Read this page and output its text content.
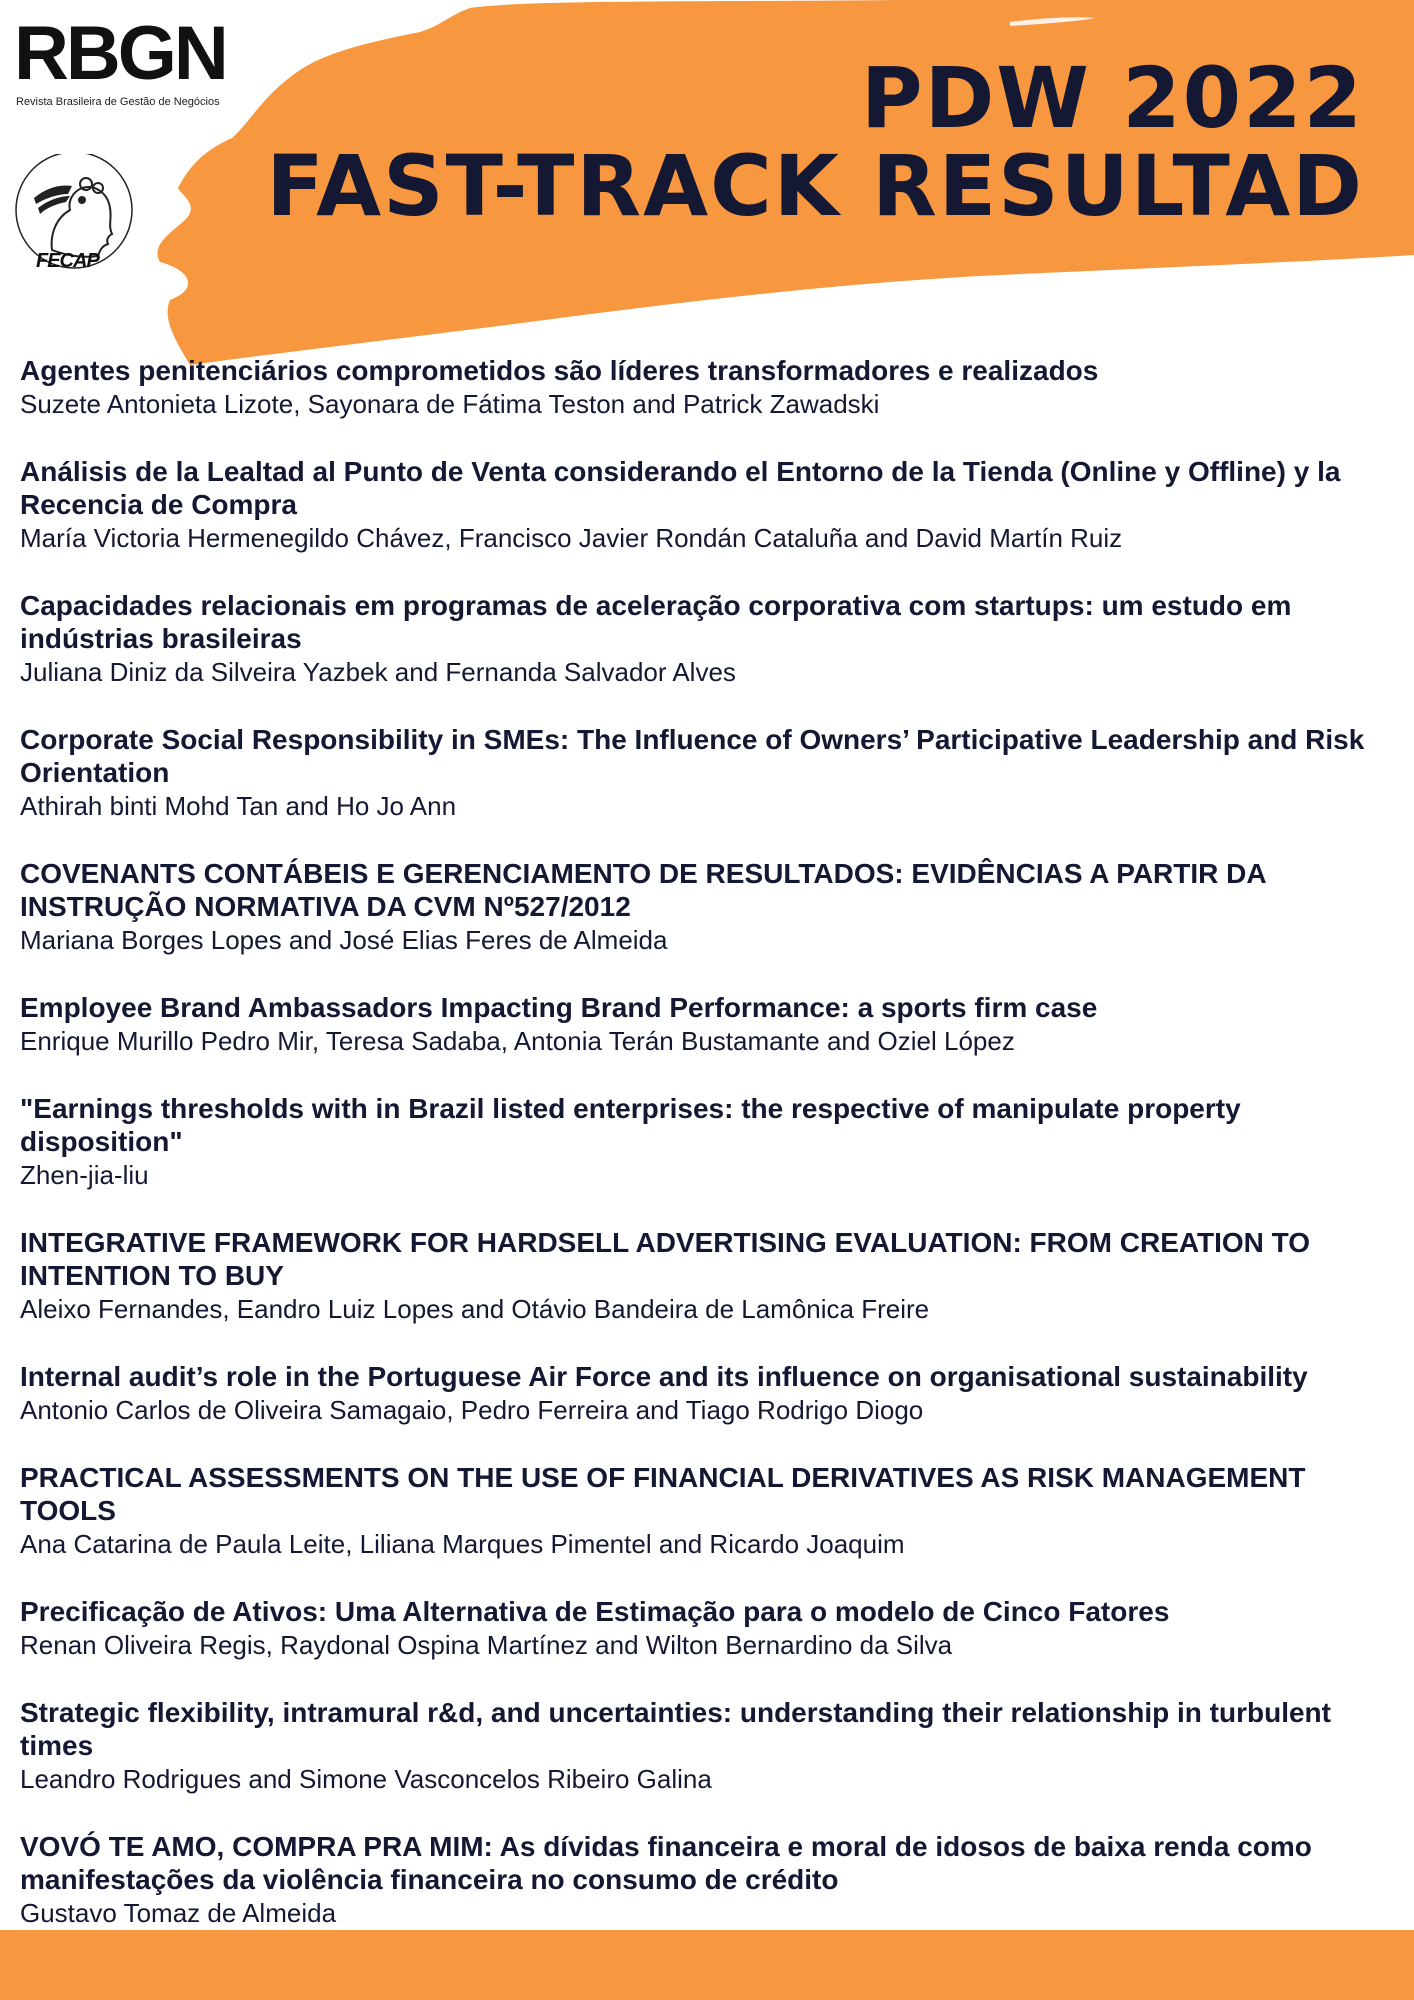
RBGN
Revista Brasileira de Gestão de Negócios
FECAP
PDW 2022
FAST-TRACK RESULTAD
Agentes penitenciários comprometidos são líderes transformadores e realizados
Suzete Antonieta Lizote, Sayonara de Fátima Teston and Patrick Zawadski
Análisis de la Lealtad al Punto de Venta considerando el Entorno de la Tienda (Online y Offline) y la Recencia de Compra
María Victoria Hermenegildo Chávez, Francisco Javier Rondán Cataluña and David Martín Ruiz
Capacidades relacionais em programas de aceleração corporativa com startups: um estudo em indústrias brasileiras
Juliana Diniz da Silveira Yazbek and Fernanda Salvador Alves
Corporate Social Responsibility in SMEs: The Influence of Owners’ Participative Leadership and Risk Orientation
Athirah binti Mohd Tan and Ho Jo Ann
COVENANTS CONTÁBEIS E GERENCIAMENTO DE RESULTADOS: EVIDÊNCIAS A PARTIR DA INSTRUÇÃO NORMATIVA DA CVM Nº527/2012
Mariana Borges Lopes and José Elias Feres de Almeida
Employee Brand Ambassadors Impacting Brand Performance: a sports firm case
Enrique Murillo Pedro Mir, Teresa Sadaba, Antonia Terán Bustamante and Oziel López
"Earnings thresholds with in Brazil listed enterprises: the respective of manipulate property disposition"
Zhen-jia-liu
INTEGRATIVE FRAMEWORK FOR HARDSELL ADVERTISING EVALUATION: FROM CREATION TO INTENTION TO BUY
Aleixo Fernandes, Eandro Luiz Lopes and Otávio Bandeira de Lamônica Freire
Internal audit’s role in the Portuguese Air Force and its influence on organisational sustainability
Antonio Carlos de Oliveira Samagaio, Pedro Ferreira and Tiago Rodrigo Diogo
PRACTICAL ASSESSMENTS ON THE USE OF FINANCIAL DERIVATIVES AS RISK MANAGEMENT TOOLS
Ana Catarina de Paula Leite, Liliana Marques Pimentel and Ricardo Joaquim
Precificação de Ativos: Uma Alternativa de Estimação para o modelo de Cinco Fatores
Renan Oliveira Regis, Raydonal Ospina Martínez and Wilton Bernardino da Silva
Strategic flexibility, intramural r&d, and uncertainties: understanding their relationship in turbulent times
Leandro Rodrigues and Simone Vasconcelos Ribeiro Galina
VOVÓ TE AMO, COMPRA PRA MIM: As dívidas financeira e moral de idosos de baixa renda como manifestações da violência financeira no consumo de crédito
Gustavo Tomaz de Almeida
